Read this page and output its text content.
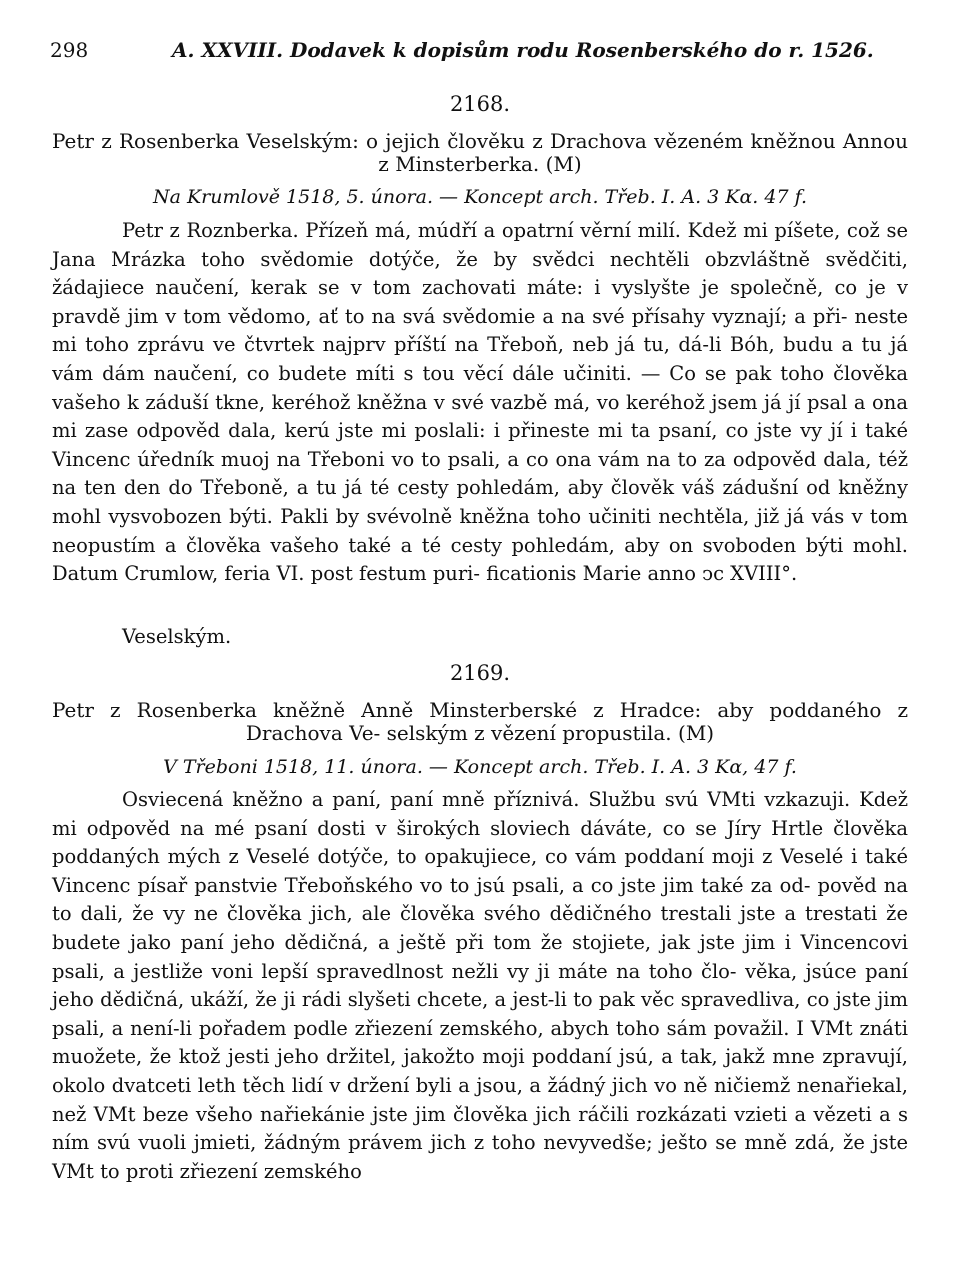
298	A. XXVIII. Dodavek k dopisům rodu Rosenberského do r. 1526.
2168.
Petr z Rosenberka Veselským: o jejich člověku z Drachova vězeném kněžnou Annou z Minsterberka. (M)
Na Krumlově 1518, 5. února. — Koncept arch. Třeb. I. A. 3 Kα. 47 f.

Petr z Roznberka. Přízeň má, múdří a opatrní věrní milí. Kdež mi píšete, což se Jana Mrázka toho svědomie dotýče, že by svědci nechtěli obzvláštně svědčiti, žádajiece naučení, kerak se v tom zachovati máte: i vyslyšte je společně, co je v pravdě jim v tom vědomo, ať to na svá svědomie a na své přísahy vyznají; a při- neste mi toho zprávu ve čtvrtek najprv příští na Třeboň, neb já tu, dá-li Bóh, budu a tu já vám dám naučení, co budete míti s tou věcí dále učiniti. — Co se pak toho člověka vašeho k záduší tkne, keréhož kněžna v své vazbě má, vo keréhož jsem já jí psal a ona mi zase odpověd dala, kerú jste mi poslali: i přineste mi ta psaní, co jste vy jí i také Vincenc úředník muoj na Třeboni vo to psali, a co ona vám na to za odpověd dala, též na ten den do Třeboně, a tu já té cesty pohledám, aby člověk váš zádušní od kněžny mohl vysvobozen býti. Pakli by svévolně kněžna toho učiniti nechtěla, již já vás v tom neopustím a člověka vašeho také a té cesty pohledám, aby on svoboden býti mohl. Datum Crumlow, feria VI. post festum puri- ficationis Marie anno ↄc XVIII°.

Veselským.
2169.
Petr z Rosenberka kněžně Anně Minsterberské z Hradce: aby poddaného z Drachova Ve- selským z vězení propustila. (M)
V Třeboni 1518, 11. února. — Koncept arch. Třeb. I. A. 3 Kα, 47 f.

Osviecená kněžno a paní, paní mně příznivá. Službu svú VMti vzkazuji. Kdež mi odpověd na mé psaní dosti v širokých sloviech dáváte, co se Jíry Hrtle člověka poddaných mých z Veselé dotýče, to opakujiece, co vám poddaní moji z Veselé i také Vincenc písař panstvie Třeboňského vo to jsú psali, a co jste jim také za od- pověd na to dali, že vy ne člověka jich, ale člověka svého dědičného trestali jste a trestati že budete jako paní jeho dědičná, a ještě při tom že stojiete, jak jste jim i Vincencovi psali, a jestliže voni lepší spravedlnost nežli vy ji máte na toho člo- věka, jsúce paní jeho dědičná, ukáží, že ji rádi slyšeti chcete, a jest-li to pak věc spravedliva, co jste jim psali, a není-li pořadem podle zřiezení zemského, abych toho sám považil. I VMt znáti muožete, že ktož jesti jeho držitel, jakožto moji poddaní jsú, a tak, jakž mne zpravují, okolo dvatceti leth těch lidí v držení byli a jsou, a žádný jich vo ně ničiemž nenařiekal, než VMt beze všeho nařiekánie jste jim člověka jich ráčili rozkázati vzieti a vězeti a s ním svú vuoli jmieti, žádným právem jich z toho nevyvedše; ješto se mně zdá, že jste VMt to proti zřiezení zemského
